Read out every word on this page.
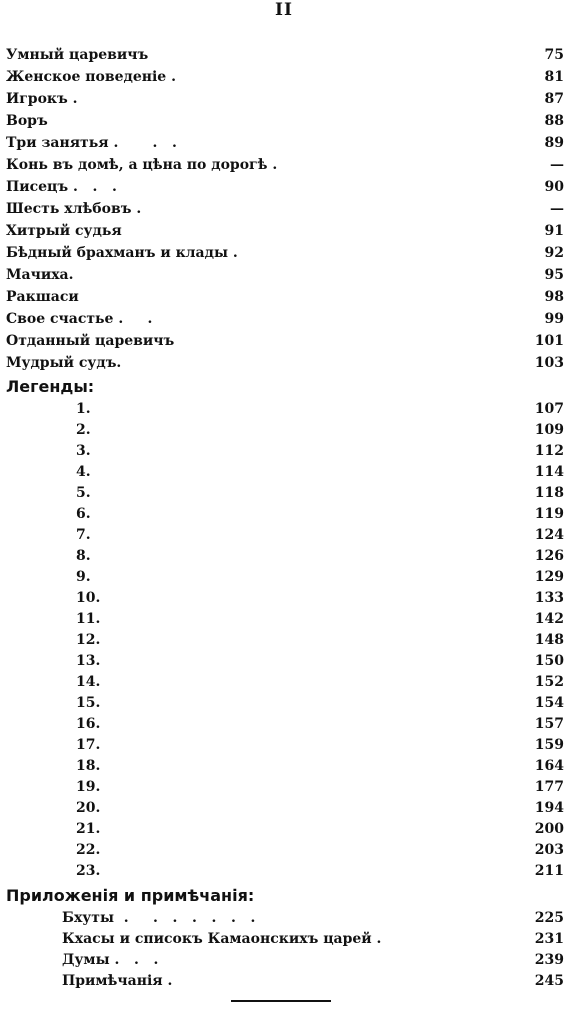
II
Умный царевичъ	75
Женское поведеніе .	81
Игрокъ .	87
Воръ	88
Три занятья .       .   .	89
Конь въ домѣ, а цѣна по дорогѣ .	—
Писецъ .   .   .	90
Шесть хлѣбовъ .	—
Хитрый судья	91
Бѣдный брахманъ и клады .	92
Мачиха.	95
Ракшаси	98
Свое счастье .     .	99
Отданный царевичъ	101
Мудрый судъ.	103
Легенды:
1.	107
2.	109
3.	112
4.	114
5.	118
6.	119
7.	124
8.	126
9.	129
10.	133
11.	142
12.	148
13.	150
14.	152
15.	154
16.	157
17.	159
18.	164
19.	177
20.	194
21.	200
22.	203
23.	211
Приложенія и примѣчанія:
Бхуты  .     .   .   .   .   .   .	225
Кхасы и списокъ Камаонскихъ царей .	231
Думы .   .   .	239
Примѣчанія .	245
